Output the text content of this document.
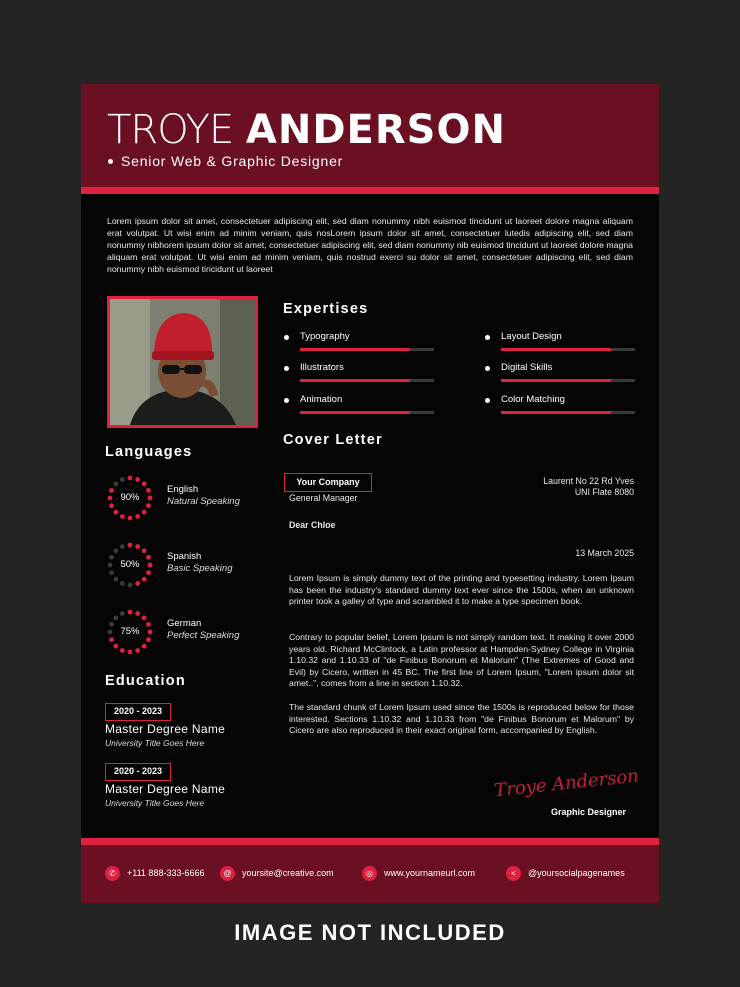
TROYE ANDERSON
Senior Web & Graphic Designer

Lorem ipsum dolor sit amet, consectetuer adipiscing elit, sed diam nonummy nibh euismod tincidunt ut laoreet dolore magna aliquam erat volutpat. Ut wisi enim ad minim veniam, quis nosLorem ipsum dolor sit amet, consectetuer lutedis adipiscing elit, sed diam nonummy nibhorem ipsum dolor sit amet, consectetuer adipiscing elit, sed diam nonummy nib euismod tincidunt ut laoreet dolore magna aliquam erat volutpat. Ut wisi enim ad minim veniam, quis nostrud exerci su dolor sit amet, consectetuer adipiscing elit, sed diam nonummy nibh euismod tincidunt ut laoreet

Languages
90%
English
Natural Speaking
50%
Spanish
Basic Speaking
75%
German
Perfect Speaking
Education
2020 - 2023
Master Degree Name
University Title Goes Here
2020 - 2023
Master Degree Name
University Title Goes Here
Expertises
Typography	Layout Design
Illustrators	Digital Skills
Animation	Color Matching
Cover Letter
Your Company
General Manager
Laurent No 22 Rd Yves
UNI Flate 8080
Dear Chloe
13 March 2025

Lorem Ipsum is simply dummy text of the printing and typesetting industry. Lorem Ipsum has been the industry's standard dummy text ever since the 1500s, when an unknown printer took a galley of type and scrambled it to make a type specimen book.

Contrary to popular belief, Lorem Ipsum is not simply random text. It making it over 2000 years old. Richard McClintock, a Latin professor at Hampden-Sydney College in Virginia 1.10.32 and 1.10.33 of "de Finibus Bonorum et Malorum" (The Extremes of Good and Evil) by Cicero, written in 45 BC. The first line of Lorem Ipsum, "Lorem ipsum dolor sit amet..", comes from a line in section 1.10.32.

The standard chunk of Lorem Ipsum used since the 1500s is reproduced below for those interested. Sections 1.10.32 and 1.10.33 from "de Finibus Bonorum et Malorum" by Cicero are also reproduced in their exact original form, accompanied by English.

Troye Anderson
Graphic Designer
✆	+111 888-333-6666	@	yoursite@creative.com	◎	www.yournameurl.com	<	@yoursocialpagenames
IMAGE NOT INCLUDED
